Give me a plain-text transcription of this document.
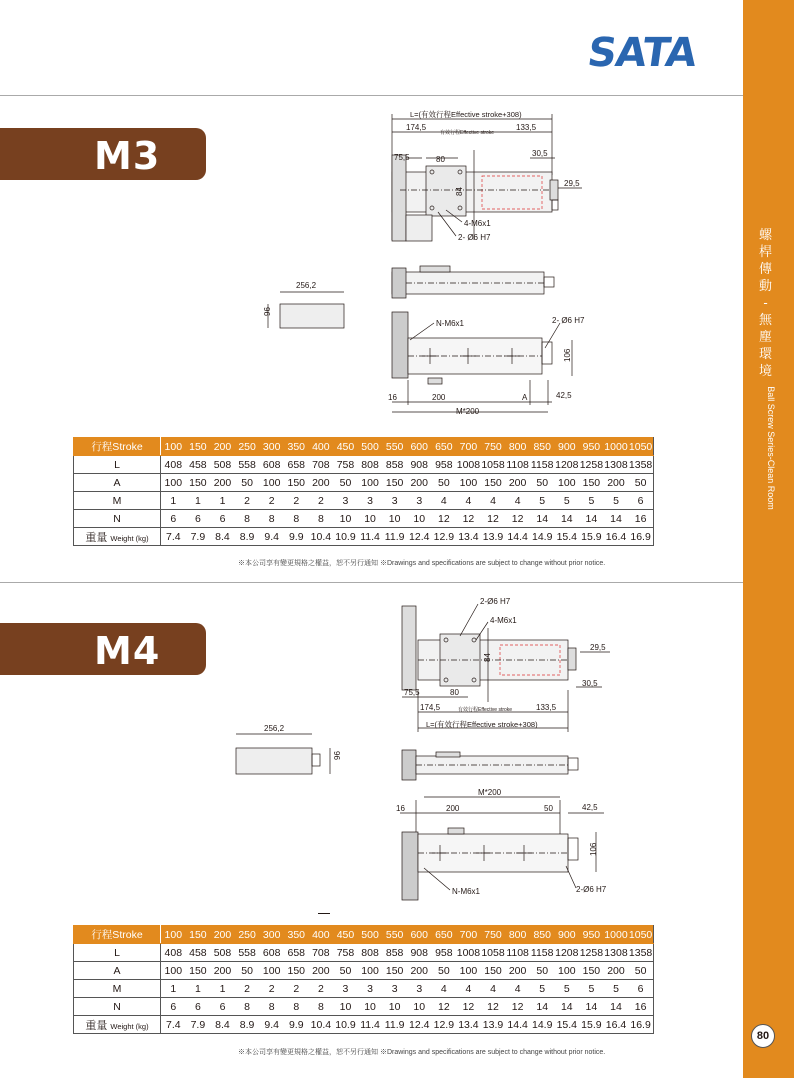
螺桿傳動 - 無塵環境
Ball Screw Series-Clean Room
80
SATA
M3
L=(有效行程Effective stroke+308)
174,5	133,5
有效行程Effective stroke
75,5	80
30,5
29,5
84
4-M6x1
2- Ø6 H7
256,2
96
N-M6x1	2- Ø6 H7
106
16	200	A	42,5
M*200
行程Stroke	100	150	200	250	300	350	400	450	500	550	600	650	700	750	800	850	900	950	1000	1050
L	408	458	508	558	608	658	708	758	808	858	908	958	1008	1058	1108	1158	1208	1258	1308	1358
A	100	150	200	50	100	150	200	50	100	150	200	50	100	150	200	50	100	150	200	50
M	1	1	1	2	2	2	2	3	3	3	3	4	4	4	4	5	5	5	5	6
N	6	6	6	8	8	8	8	10	10	10	10	12	12	12	12	14	14	14	14	16
重量 Weight (kg)	7.4	7.9	8.4	8.9	9.4	9.9	10.4	10.9	11.4	11.9	12.4	12.9	13.4	13.9	14.4	14.9	15.4	15.9	16.4	16.9
※本公司享有變更規格之權益，恕不另行通知 ※Drawings and specifications are subject to change without prior notice.
M4
2-Ø6 H7
4-M6x1
84
29,5
30,5
75,5	80
174,5	有效行程Effective stroke	133,5
L=(有效行程Effective stroke+308)
256,2
96
M*200
16	200	50	42,5
106
N-M6x1	2-Ø6 H7
行程Stroke	100	150	200	250	300	350	400	450	500	550	600	650	700	750	800	850	900	950	1000	1050
L	408	458	508	558	608	658	708	758	808	858	908	958	1008	1058	1108	1158	1208	1258	1308	1358
A	100	150	200	50	100	150	200	50	100	150	200	50	100	150	200	50	100	150	200	50
M	1	1	1	2	2	2	2	3	3	3	3	4	4	4	4	5	5	5	5	6
N	6	6	6	8	8	8	8	10	10	10	10	12	12	12	12	14	14	14	14	16
重量 Weight (kg)	7.4	7.9	8.4	8.9	9.4	9.9	10.4	10.9	11.4	11.9	12.4	12.9	13.4	13.9	14.4	14.9	15.4	15.9	16.4	16.9
※本公司享有變更規格之權益，恕不另行通知 ※Drawings and specifications are subject to change without prior notice.
